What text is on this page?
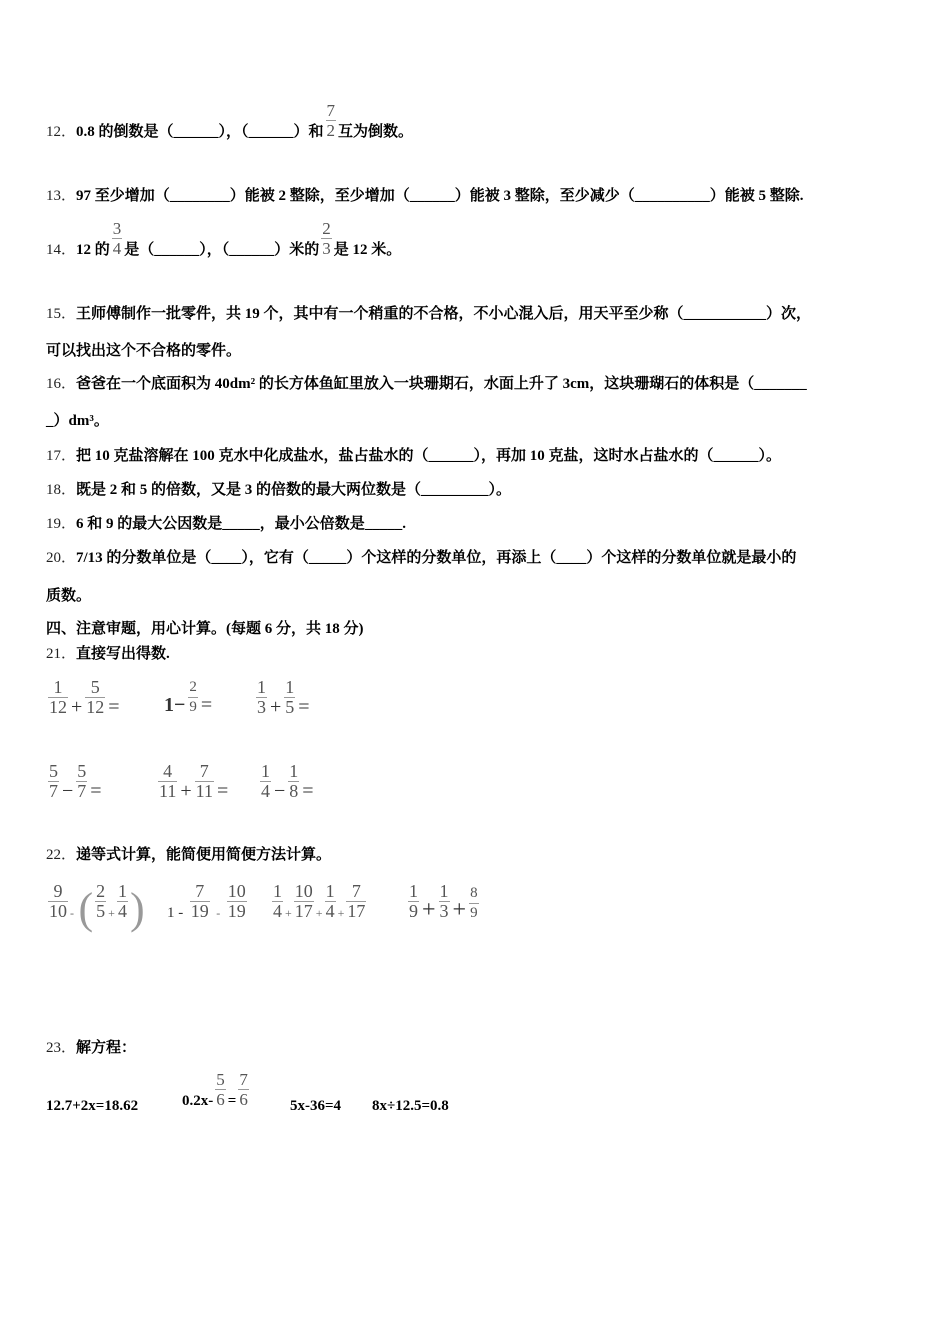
12．0.8 的倒数是（______），（______）和 $\frac{7}{2}$ 互为倒数。
13．97 至少增加（________）能被 2 整除，至少增加（______）能被 3 整除，至少减少（__________）能被 5 整除.
14．12 的 $\frac{3}{4}$ 是（______），（______）米的 $\frac{2}{3}$ 是 12 米。
15．王师傅制作一批零件，共 19 个，其中有一个稍重的不合格，不小心混入后，用天平至少称（___________）次，
可以找出这个不合格的零件。
16．爸爸在一个底面积为 40dm² 的长方体鱼缸里放入一块珊期石，水面上升了 3cm，这块珊瑚石的体积是（_______
_）dm³。
17．把 10 克盐溶解在 100 克水中化成盐水，盐占盐水的（______），再加 10 克盐，这时水占盐水的（______）。
18．既是 2 和 5 的倍数，又是 3 的倍数的最大两位数是（_________）。
19．6 和 9 的最大公因数是_____，最小公倍数是_____.
20．7/13 的分数单位是（____），它有（_____）个这样的分数单位，再添上（____）个这样的分数单位就是最小的
质数。
四、注意审题，用心计算。(每题 6 分，共 18 分)
21．直接写出得数.
$\frac{1}{12} + \frac{5}{12} = 1- \frac{2}{9} = \frac{1}{3} + \frac{1}{5}$ =
$\frac{5}{7} - \frac{5}{7}$ =	$\frac{4}{11} + \frac{7}{11} = \frac{1}{4} - \frac{1}{8}$ =
22．递等式计算，能简便用简便方法计算。
$\frac{9}{10}$ - ( $\frac{2}{5} + \frac{1}{4}$ ) $1 - \frac{7}{19} - \frac{10}{19} \frac{1}{4} + \frac{10}{17} + \frac{1}{4} + \frac{7}{17} \frac{1}{9} + \frac{1}{3} + \frac{8}{9}$
23．解方程：
12.7+2x=18.62	$0.2x- \frac{5}{6} = \frac{7}{6}$	5x-36=4 8x÷12.5=0.8
